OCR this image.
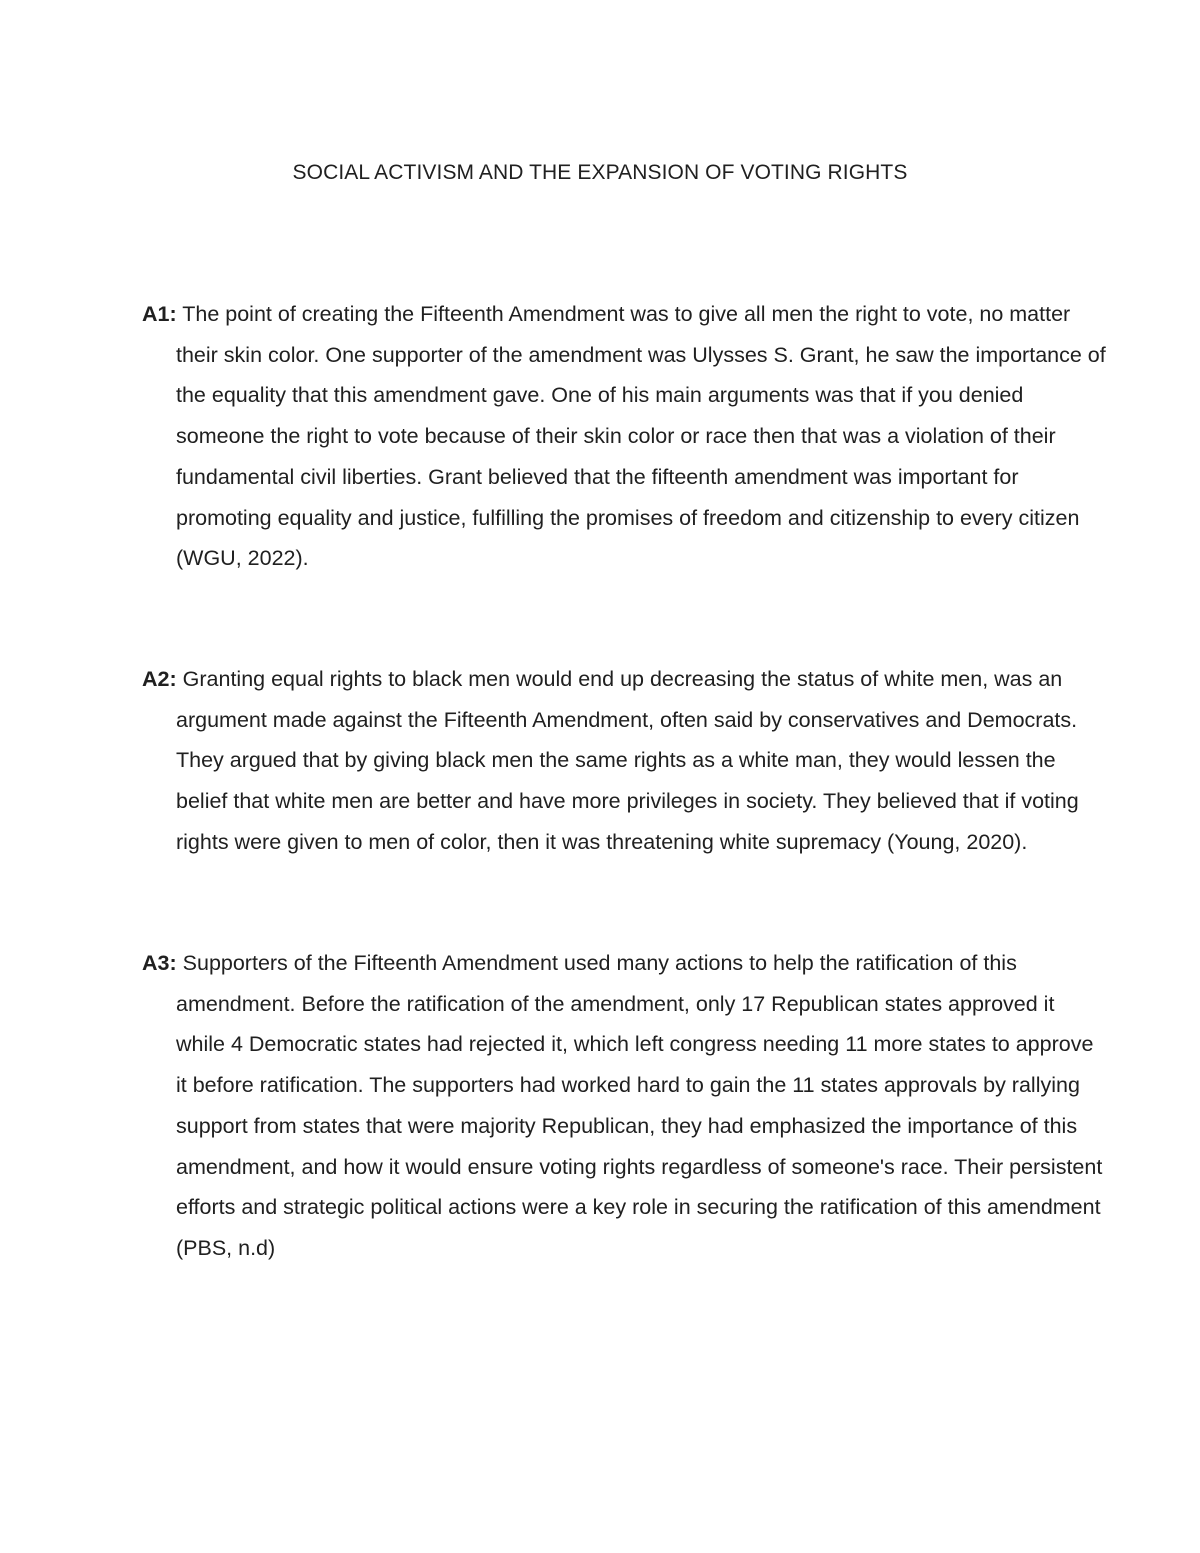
SOCIAL ACTIVISM AND THE EXPANSION OF VOTING RIGHTS

A1: The point of creating the Fifteenth Amendment was to give all men the right to vote, no matter their skin color. One supporter of the amendment was Ulysses S. Grant, he saw the importance of the equality that this amendment gave. One of his main arguments was that if you denied someone the right to vote because of their skin color or race then that was a violation of their fundamental civil liberties. Grant believed that the fifteenth amendment was important for promoting equality and justice, fulfilling the promises of freedom and citizenship to every citizen (WGU, 2022).

A2: Granting equal rights to black men would end up decreasing the status of white men, was an argument made against the Fifteenth Amendment, often said by conservatives and Democrats. They argued that by giving black men the same rights as a white man, they would lessen the belief that white men are better and have more privileges in society. They believed that if voting rights were given to men of color, then it was threatening white supremacy (Young, 2020).

A3: Supporters of the Fifteenth Amendment used many actions to help the ratification of this amendment. Before the ratification of the amendment, only 17 Republican states approved it while 4 Democratic states had rejected it, which left congress needing 11 more states to approve it before ratification. The supporters had worked hard to gain the 11 states approvals by rallying support from states that were majority Republican, they had emphasized the importance of this amendment, and how it would ensure voting rights regardless of someone's race. Their persistent efforts and strategic political actions were a key role in securing the ratification of this amendment (PBS, n.d)
